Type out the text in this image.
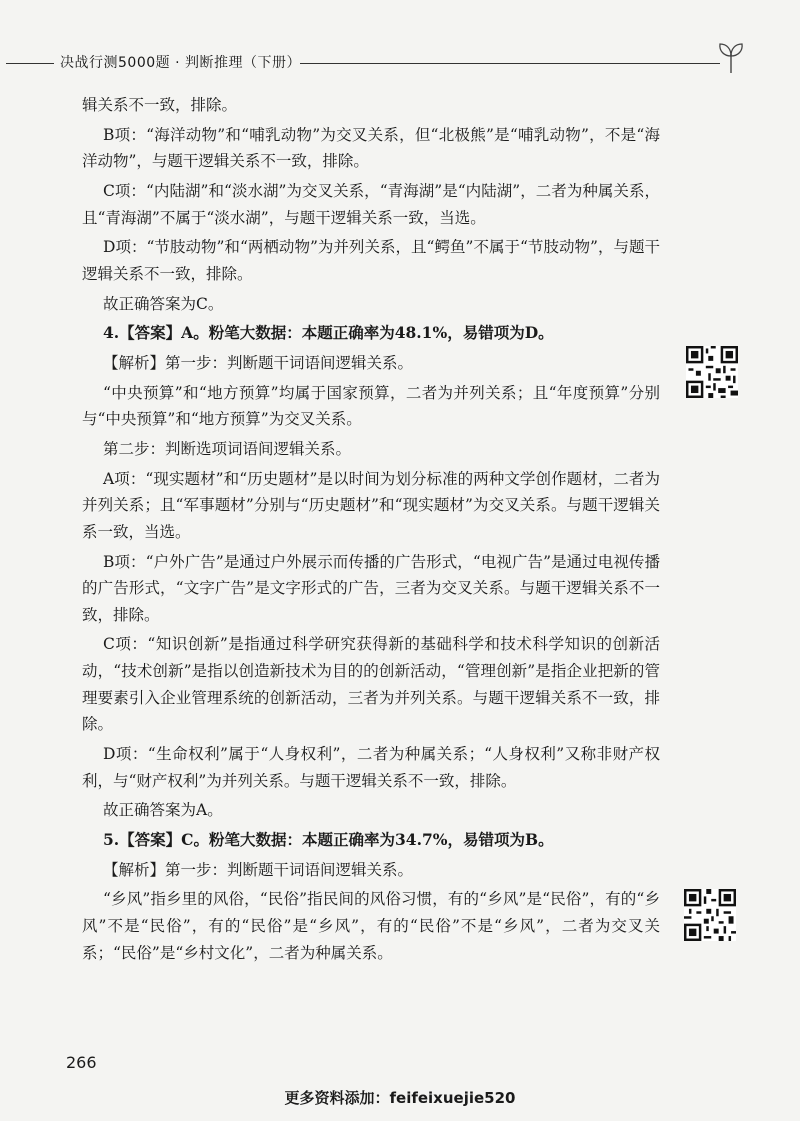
决战行测5000题 · 判断推理（下册）

辑关系不一致，排除。

B项：“海洋动物”和“哺乳动物”为交叉关系，但“北极熊”是“哺乳动物”，不是“海洋动物”，与题干逻辑关系不一致，排除。

C项：“内陆湖”和“淡水湖”为交叉关系，“青海湖”是“内陆湖”，二者为种属关系，且“青海湖”不属于“淡水湖”，与题干逻辑关系一致，当选。

D项：“节肢动物”和“两栖动物”为并列关系，且“鳄鱼”不属于“节肢动物”，与题干逻辑关系不一致，排除。

故正确答案为C。

4.【答案】A。粉笔大数据：本题正确率为48.1%，易错项为D。

【解析】第一步：判断题干词语间逻辑关系。

“中央预算”和“地方预算”均属于国家预算，二者为并列关系；且“年度预算”分别与“中央预算”和“地方预算”为交叉关系。

第二步：判断选项词语间逻辑关系。

A项：“现实题材”和“历史题材”是以时间为划分标准的两种文学创作题材，二者为并列关系；且“军事题材”分别与“历史题材”和“现实题材”为交叉关系。与题干逻辑关系一致，当选。

B项：“户外广告”是通过户外展示而传播的广告形式，“电视广告”是通过电视传播的广告形式，“文字广告”是文字形式的广告，三者为交叉关系。与题干逻辑关系不一致，排除。

C项：“知识创新”是指通过科学研究获得新的基础科学和技术科学知识的创新活动，“技术创新”是指以创造新技术为目的的创新活动，“管理创新”是指企业把新的管理要素引入企业管理系统的创新活动，三者为并列关系。与题干逻辑关系不一致，排除。

D项：“生命权利”属于“人身权利”，二者为种属关系；“人身权利”又称非财产权利，与“财产权利”为并列关系。与题干逻辑关系不一致，排除。

故正确答案为A。

5.【答案】C。粉笔大数据：本题正确率为34.7%，易错项为B。

【解析】第一步：判断题干词语间逻辑关系。

“乡风”指乡里的风俗，“民俗”指民间的风俗习惯，有的“乡风”是“民俗”，有的“乡风”不是“民俗”，有的“民俗”是“乡风”，有的“民俗”不是“乡风”，二者为交叉关系；“民俗”是“乡村文化”，二者为种属关系。

266
更多资料添加：feifeixuejie520
